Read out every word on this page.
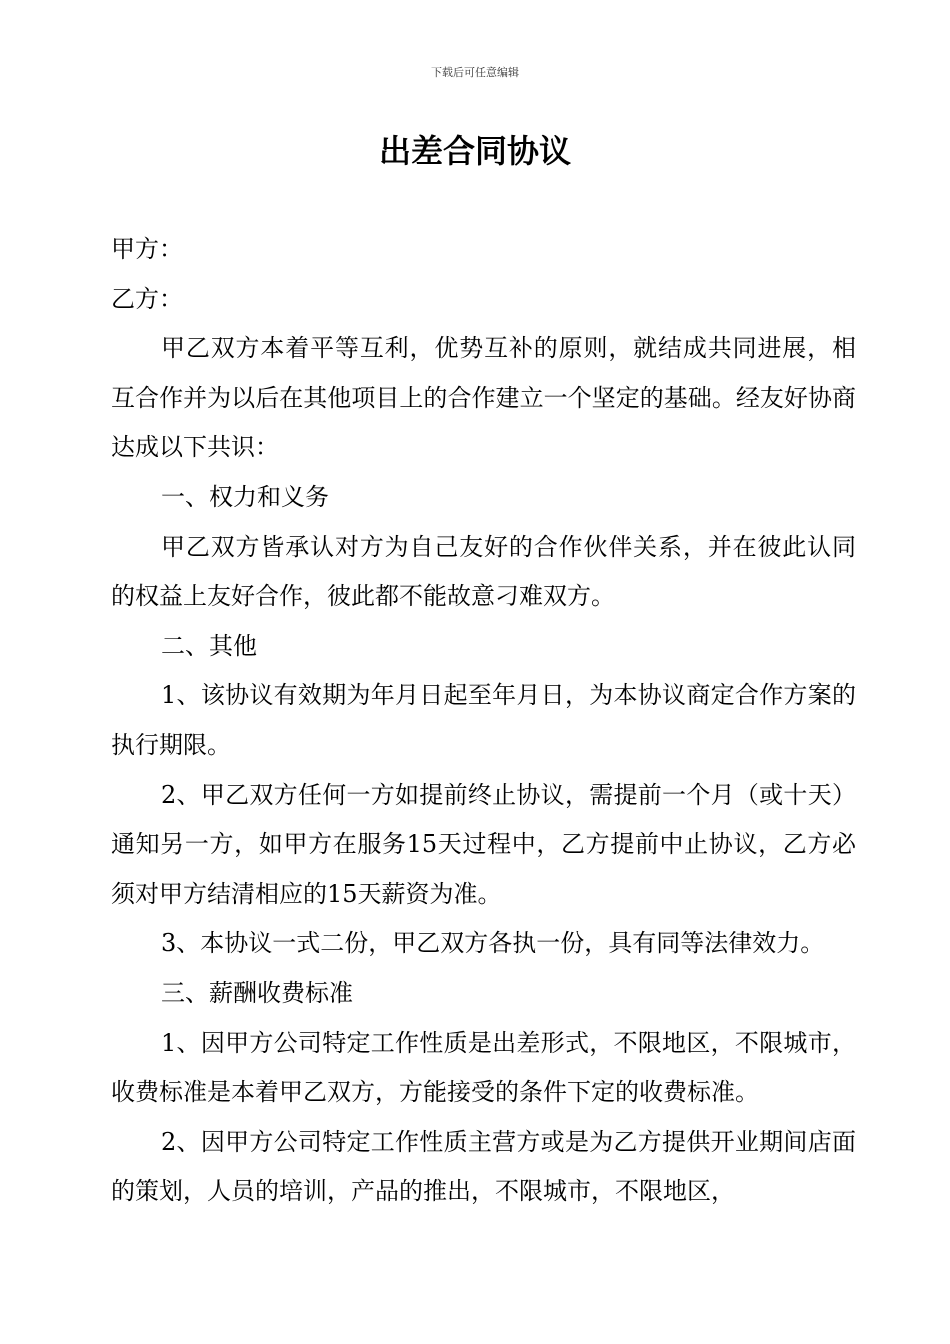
下载后可任意编辑
出差合同协议

甲方：

乙方：

甲乙双方本着平等互利，优势互补的原则，就结成共同进展，相互合作并为以后在其他项目上的合作建立一个坚定的基础。经友好协商达成以下共识：

一、权力和义务

甲乙双方皆承认对方为自己友好的合作伙伴关系，并在彼此认同的权益上友好合作，彼此都不能故意刁难双方。

二、其他

1、该协议有效期为年月日起至年月日，为本协议商定合作方案的执行期限。

2、甲乙双方任何一方如提前终止协议，需提前一个月（或十天）通知另一方，如甲方在服务15天过程中，乙方提前中止协议，乙方必须对甲方结清相应的15天薪资为准。

3、本协议一式二份，甲乙双方各执一份，具有同等法律效力。

三、薪酬收费标准

1、因甲方公司特定工作性质是出差形式，不限地区，不限城市，收费标准是本着甲乙双方，方能接受的条件下定的收费标准。

2、因甲方公司特定工作性质主营方或是为乙方提供开业期间店面的策划，人员的培训，产品的推出，不限城市，不限地区，
